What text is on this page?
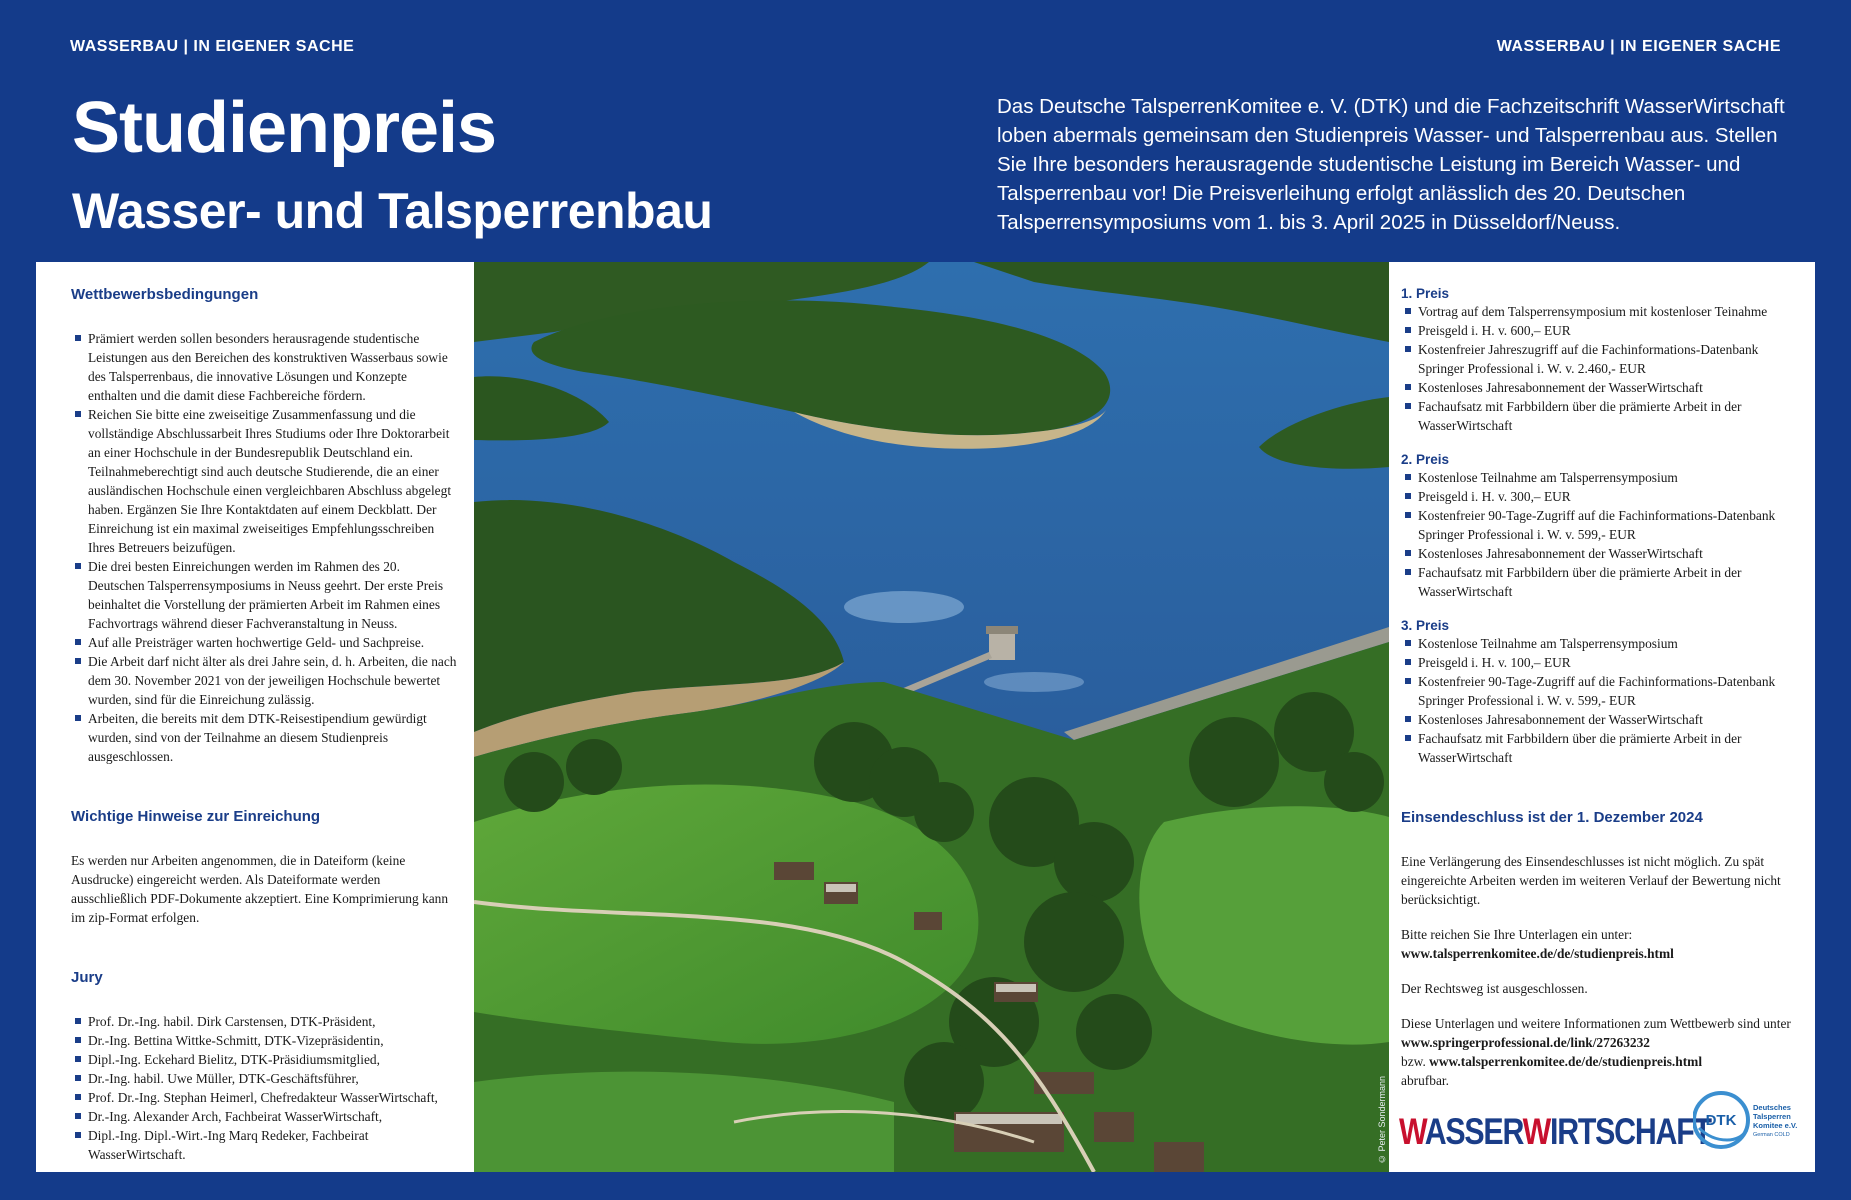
WASSERBAU | IN EIGENER SACHE	WASSERBAU | IN EIGENER SACHE
Studienpreis
Wasser- und Talsperrenbau

Das Deutsche TalsperrenKomitee e. V. (DTK) und die Fachzeitschrift WasserWirtschaft loben abermals gemeinsam den Studienpreis Wasser- und Talsperrenbau aus. Stellen Sie Ihre besonders herausragende studentische Leistung im Bereich Wasser- und Talsperrenbau vor! Die Preisverleihung erfolgt anlässlich des 20. Deutschen Talsperrensymposiums vom 1. bis 3. April 2025 in Düsseldorf/Neuss.

Wettbewerbsbedingungen
Prämiert werden sollen besonders herausragende studentische Leistungen aus den Bereichen des konstruktiven Wasserbaus sowie des Talsperrenbaus, die innovative Lösungen und Konzepte enthalten und die damit diese Fachbereiche fördern.
Reichen Sie bitte eine zweiseitige Zusammenfassung und die vollständige Abschlussarbeit Ihres Studiums oder Ihre Doktorarbeit an einer Hochschule in der Bundesrepublik Deutschland ein. Teilnahmeberechtigt sind auch deutsche Studierende, die an einer ausländischen Hochschule einen vergleichbaren Abschluss abgelegt haben. Ergänzen Sie Ihre Kontaktdaten auf einem Deckblatt. Der Einreichung ist ein maximal zweiseitiges Empfehlungsschreiben Ihres Betreuers beizufügen.
Die drei besten Einreichungen werden im Rahmen des 20. Deutschen Talsperrensymposiums in Neuss geehrt. Der erste Preis beinhaltet die Vorstellung der prämierten Arbeit im Rahmen eines Fachvortrags während dieser Fachveranstaltung in Neuss.
Auf alle Preisträger warten hochwertige Geld- und Sachpreise.
Die Arbeit darf nicht älter als drei Jahre sein, d. h. Arbeiten, die nach dem 30. November 2021 von der jeweiligen Hochschule bewertet wurden, sind für die Einreichung zulässig.
Arbeiten, die bereits mit dem DTK-Reisestipendium gewürdigt wurden, sind von der Teilnahme an diesem Studienpreis ausgeschlossen.
Wichtige Hinweise zur Einreichung

Es werden nur Arbeiten angenommen, die in Dateiform (keine Ausdrucke) eingereicht werden. Als Dateiformate werden ausschließlich PDF-Dokumente akzeptiert. Eine Komprimierung kann im zip-Format erfolgen.

Jury
Prof. Dr.-Ing. habil. Dirk Carstensen, DTK-Präsident,
Dr.-Ing. Bettina Wittke-Schmitt, DTK-Vizepräsidentin,
Dipl.-Ing. Eckehard Bielitz, DTK-Präsidiumsmitglied,
Dr.-Ing. habil. Uwe Müller, DTK-Geschäftsführer,
Prof. Dr.-Ing. Stephan Heimerl, Chefredakteur WasserWirtschaft,
Dr.-Ing. Alexander Arch, Fachbeirat WasserWirtschaft,
Dipl.-Ing. Dipl.-Wirt.-Ing Marq Redeker, Fachbeirat WasserWirtschaft.	© Peter Sondermann
1. Preis
Vortrag auf dem Talsperrensymposium mit kostenloser Teinahme
Preisgeld i. H. v. 600,– EUR
Kostenfreier Jahreszugriff auf die Fachinformations-Datenbank Springer Professional i. W. v. 2.460,- EUR
Kostenloses Jahresabonnement der WasserWirtschaft
Fachaufsatz mit Farbbildern über die prämierte Arbeit in der WasserWirtschaft
2. Preis
Kostenlose Teilnahme am Talsperrensymposium
Preisgeld i. H. v. 300,– EUR
Kostenfreier 90-Tage-Zugriff auf die Fachinformations-Datenbank Springer Professional i. W. v. 599,- EUR
Kostenloses Jahresabonnement der WasserWirtschaft
Fachaufsatz mit Farbbildern über die prämierte Arbeit in der WasserWirtschaft
3. Preis
Kostenlose Teilnahme am Talsperrensymposium
Preisgeld i. H. v. 100,– EUR
Kostenfreier 90-Tage-Zugriff auf die Fachinformations-Datenbank Springer Professional i. W. v. 599,- EUR
Kostenloses Jahresabonnement der WasserWirtschaft
Fachaufsatz mit Farbbildern über die prämierte Arbeit in der WasserWirtschaft
Einsendeschluss ist der 1. Dezember 2024

Eine Verlängerung des Einsendeschlusses ist nicht möglich. Zu spät eingereichte Arbeiten werden im weiteren Verlauf der Bewertung nicht berücksichtigt.

Bitte reichen Sie Ihre Unterlagen ein unter:

www.talsperrenkomitee.de/de/studienpreis.html

Der Rechtsweg ist ausgeschlossen.

Diese Unterlagen und weitere Informationen zum Wettbewerb sind unter www.springerprofessional.de/link/27263232
bzw. www.talsperrenkomitee.de/de/studienpreis.html
abrufbar.

WASSERWIRTSCHAFT
DTK
Deutsches
Talsperren
Komitee e.V.
German COLD
